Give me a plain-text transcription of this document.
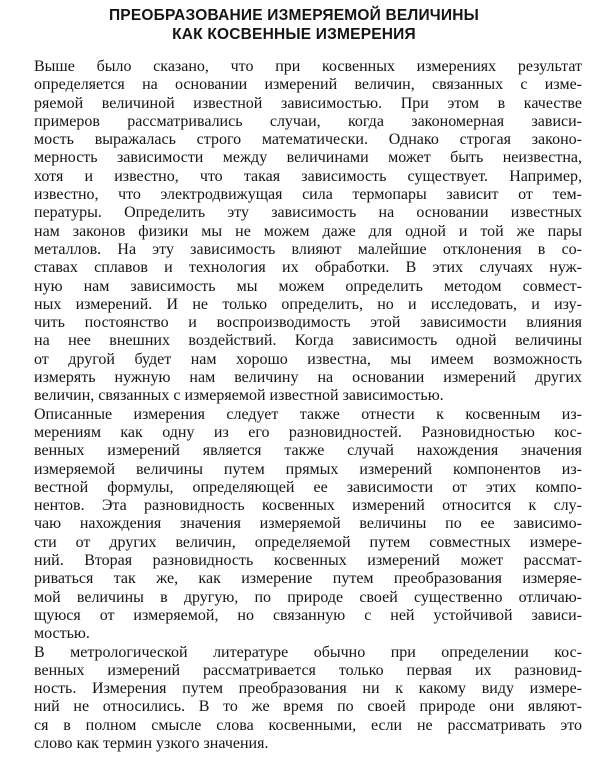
ПРЕОБРАЗОВАНИЕ ИЗМЕРЯЕМОЙ ВЕЛИЧИНЫ
КАК КОСВЕННЫЕ ИЗМЕРЕНИЯ

Выше было сказано, что при косвенных измерениях результат
определяется на основании измерений величин, связанных с изме-
ряемой величиной известной зависимостью. При этом в качестве
примеров рассматривались случаи, когда закономерная зависи-
мость выражалась строго математически. Однако строгая законо-
мерность зависимости между величинами может быть неизвестна,
хотя и известно, что такая зависимость существует. Например,
известно, что электродвижущая сила термопары зависит от тем-
пературы. Определить эту зависимость на основании известных
нам законов физики мы не можем даже для одной и той же пары
металлов. На эту зависимость влияют малейшие отклонения в со-
ставах сплавов и технология их обработки. В этих случаях нуж-
ную нам зависимость мы можем определить методом совмест-
ных измерений. И не только определить, но и исследовать, и изу-
чить постоянство и воспроизводимость этой зависимости влияния
на нее внешних воздействий. Когда зависимость одной величины
от другой будет нам хорошо известна, мы имеем возможность
измерять нужную нам величину на основании измерений других
величин, связанных с измеряемой известной зависимостью.

Описанные измерения следует также отнести к косвенным из-
мерениям как одну из его разновидностей. Разновидностью кос-
венных измерений является также случай нахождения значения
измеряемой величины путем прямых измерений компонентов из-
вестной формулы, определяющей ее зависимости от этих компо-
нентов. Эта разновидность косвенных измерений относится к слу-
чаю нахождения значения измеряемой величины по ее зависимо-
сти от других величин, определяемой путем совместных измере-
ний. Вторая разновидность косвенных измерений может рассмат-
риваться так же, как измерение путем преобразования измеряе-
мой величины в другую, по природе своей существенно отличаю-
щуюся от измеряемой, но связанную с ней устойчивой зависи-
мостью.

В метрологической литературе обычно при определении кос-
венных измерений рассматривается только первая их разновид-
ность. Измерения путем преобразования ни к какому виду измере-
ний не относились. В то же время по своей природе они являют-
ся в полном смысле слова косвенными, если не рассматривать это
слово как термин узкого значения.
